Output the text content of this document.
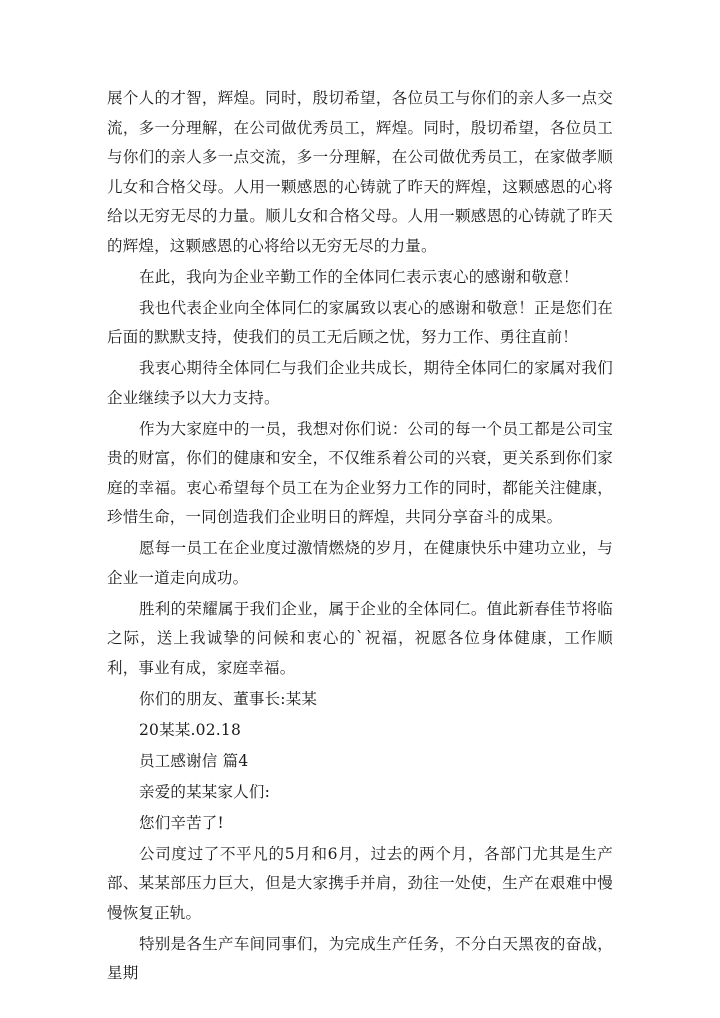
展个人的才智，辉煌。同时，殷切希望，各位员工与你们的亲人多一点交流，多一分理解，在公司做优秀员工，辉煌。同时，殷切希望，各位员工与你们的亲人多一点交流，多一分理解，在公司做优秀员工，在家做孝顺儿女和合格父母。人用一颗感恩的心铸就了昨天的辉煌，这颗感恩的心将给以无穷无尽的力量。顺儿女和合格父母。人用一颗感恩的心铸就了昨天的辉煌，这颗感恩的心将给以无穷无尽的力量。

在此，我向为企业辛勤工作的全体同仁表示衷心的感谢和敬意！

我也代表企业向全体同仁的家属致以衷心的感谢和敬意！正是您们在后面的默默支持，使我们的员工无后顾之忧，努力工作、勇往直前！

我衷心期待全体同仁与我们企业共成长，期待全体同仁的家属对我们企业继续予以大力支持。

作为大家庭中的一员，我想对你们说：公司的每一个员工都是公司宝贵的财富，你们的健康和安全，不仅维系着公司的兴衰，更关系到你们家庭的幸福。衷心希望每个员工在为企业努力工作的同时，都能关注健康，珍惜生命，一同创造我们企业明日的辉煌，共同分享奋斗的成果。

愿每一员工在企业度过激情燃烧的岁月，在健康快乐中建功立业，与企业一道走向成功。

胜利的荣耀属于我们企业，属于企业的全体同仁。值此新春佳节将临之际，送上我诚挚的问候和衷心的`祝福，祝愿各位身体健康，工作顺利，事业有成，家庭幸福。

你们的朋友、董事长:某某

20某某.02.18

员工感谢信 篇4

亲爱的某某家人们:

您们辛苦了!

公司度过了不平凡的5月和6月，过去的两个月，各部门尤其是生产部、某某部压力巨大，但是大家携手并肩，劲往一处使，生产在艰难中慢慢恢复正轨。

特别是各生产车间同事们，为完成生产任务，不分白天黑夜的奋战，星期
